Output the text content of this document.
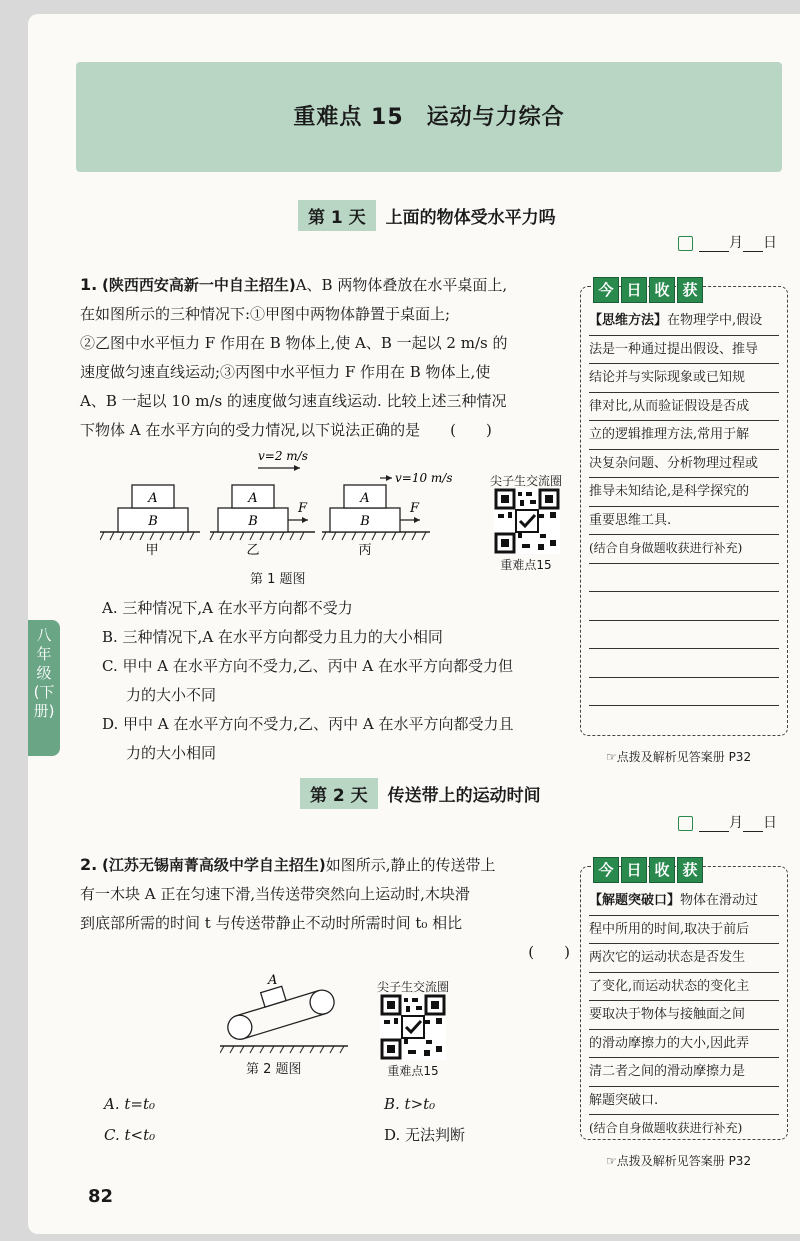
重难点 15　运动与力综合
八
年
级
(下
册)
第 1 天 上面的物体受水平力吗
月 日
1. (陕西西安高新一中自主招生)A、B 两物体叠放在水平桌面上,
在如图所示的三种情况下:①甲图中两物体静置于桌面上;
②乙图中水平恒力 F 作用在 B 物体上,使 A、B 一起以 2 m/s 的
速度做匀速直线运动;③丙图中水平恒力 F 作用在 B 物体上,使
A、B 一起以 10 m/s 的速度做匀速直线运动. 比较上述三种情况
下物体 A 在水平方向的受力情况,以下说法正确的是　　(　　)
A
B
甲
A
B
F
v=2 m/s
乙
A
B
F
v=10 m/s
丙
第 1 题图
尖子生交流圈
重难点15
A. 三种情况下,A 在水平方向都不受力
B. 三种情况下,A 在水平方向都受力且力的大小相同
C. 甲中 A 在水平方向不受力,乙、丙中 A 在水平方向都受力但
力的大小不同
D. 甲中 A 在水平方向不受力,乙、丙中 A 在水平方向都受力且
力的大小相同
今 日 收 获
【思维方法】在物理学中,假设
法是一种通过提出假设、推导
结论并与实际现象或已知规
律对比,从而验证假设是否成
立的逻辑推理方法,常用于解
决复杂问题、分析物理过程或
推导未知结论,是科学探究的
重要思维工具.
(结合自身做题收获进行补充)

☞点拨及解析见答案册 P32
第 2 天 传送带上的运动时间
月 日
2. (江苏无锡南菁高级中学自主招生)如图所示,静止的传送带上
有一木块 A 正在匀速下滑,当传送带突然向上运动时,木块滑
到底部所需的时间 t 与传送带静止不动时所需时间 t₀ 相比
(　　)
A
第 2 题图
尖子生交流圈
重难点15
A. t=t₀	B. t>t₀
C. t<t₀	D. 无法判断
今 日 收 获
【解题突破口】物体在滑动过
程中所用的时间,取决于前后
两次它的运动状态是否发生
了变化,而运动状态的变化主
要取决于物体与接触面之间
的滑动摩擦力的大小,因此弄
清二者之间的滑动摩擦力是
解题突破口.
(结合自身做题收获进行补充)
☞点拨及解析见答案册 P32
82
